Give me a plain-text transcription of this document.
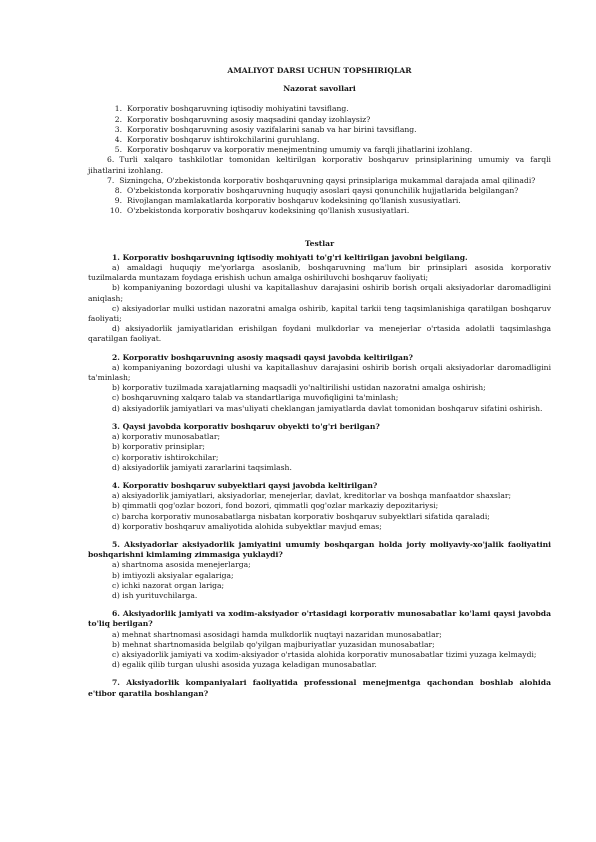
AMALIYOT DARSI UCHUN TOPSHIRIQLAR
Nazorat savollari
1. Korporativ boshqaruvning iqtisodiy mohiyatini tavsiflang.
2. Korporativ boshqaruvning asosiy maqsadini qanday izohlaysiz?
3. Korporativ boshqaruvning asosiy vazifalarini sanab va har birini tavsiflang.
4. Korporativ boshqaruv ishtirokchilarini guruhlang.
5. Korporativ boshqaruv va korporativ menejmentning umumiy va farqli jihatlarini izohlang.
6. Turli xalqaro tashkilotlar tomonidan keltirilgan korporativ boshqaruv prinsiplarining umumiy va farqli jihatlarini izohlang.
7. Sizningcha, O'zbekistonda korporativ boshqaruvning qaysi prinsiplariga mukammal darajada amal qilinadi?
8. O'zbekistonda korporativ boshqaruvning huquqiy asoslari qaysi qonunchilik hujjatlarida belgilangan?
9. Rivojlangan mamlakatlarda korporativ boshqaruv kodeksining qo'llanish xususiyatlari.
10. O'zbekistonda korporativ boshqaruv kodeksining qo'llanish xususiyatlari.
Testlar
1. Korporativ boshqaruvning iqtisodiy mohiyati to'g'ri keltirilgan javobni belgilang.
a) amaldagi huquqiy me'yorlarga asoslanib, boshqaruvning ma'lum bir prinsiplari asosida korporativ tuzilmalarda muntazam foydaga erishish uchun amalga oshiriluvchi boshqaruv faoliyati;
b) kompaniyaning bozordagi ulushi va kapitallashuv darajasini oshirib borish orqali aksiyadorlar daromadligini aniqlash;
c) aksiyadorlar mulki ustidan nazoratni amalga oshirib, kapital tarkii teng taqsimlanishiga qaratilgan boshqaruv faoliyati;
d) aksiyadorlik jamiyatlaridan erishilgan foydani mulkdorlar va menejerlar o'rtasida adolatli taqsimlashga qaratilgan faoliyat.
2. Korporativ boshqaruvning asosiy maqsadi qaysi javobda keltirilgan?
a) kompaniyaning bozordagi ulushi va kapitallashuv darajasini oshirib borish orqali aksiyadorlar daromadligini ta'minlash;
b) korporativ tuzilmada xarajatlarning maqsadli yo'naltirilishi ustidan nazoratni amalga oshirish;
c) boshqaruvning xalqaro talab va standartlariga muvofiqligini ta'minlash;
d) aksiyadorlik jamiyatlari va mas'uliyati cheklangan jamiyatlarda davlat tomonidan boshqaruv sifatini oshirish.
3. Qaysi javobda korporativ boshqaruv obyekti to'g'ri berilgan?
a) korporativ munosabatlar;
b) korporativ prinsiplar;
c) korporativ ishtirokchilar;
d) aksiyadorlik jamiyati zararlarini taqsimlash.
4. Korporativ boshqaruv subyektlari qaysi javobda keltirilgan?
a) aksiyadorlik jamiyatlari, aksiyadorlar, menejerlar, davlat, kreditorlar va boshqa manfaatdor shaxslar;
b) qimmatli qog'ozlar bozori, fond bozori, qimmatli qog'ozlar markaziy depozitariysi;
c) barcha korporativ munosabatlarga nisbatan korporativ boshqaruv subyektlari sifatida qaraladi;
d) korporativ boshqaruv amaliyotida alohida subyektlar mavjud emas;
5. Aksiyadorlar aksiyadorlik jamiyatini umumiy boshqargan holda joriy moliyaviy-xo'jalik faoliyatini boshqarishni kimlaming zimmasiga yuklaydi?
a) shartnoma asosida menejerlarga;
b) imtiyozli aksiyalar egalariga;
c) ichki nazorat organ lariga;
d) ish yurituvchilarga.
6. Aksiyadorlik jamiyati va xodim-aksiyador o'rtasidagi korporativ munosabatlar ko'lami qaysi javobda to'liq berilgan?
a) mehnat shartnomasi asosidagi hamda mulkdorlik nuqtayi nazaridan munosabatlar;
b) mehnat shartnomasida belgilab qo'yilgan majburiyatlar yuzasidan munosabatlar;
c) aksiyadorlik jamiyati va xodim-aksiyador o'rtasida alohida korporativ munosabatlar tizimi yuzaga kelmaydi;
d) egalik qilib turgan ulushi asosida yuzaga keladigan munosabatlar.
7. Aksiyadorlik kompaniyalari faoliyatida professional menejmentga qachondan boshlab alohida e'tibor qaratila boshlangan?
